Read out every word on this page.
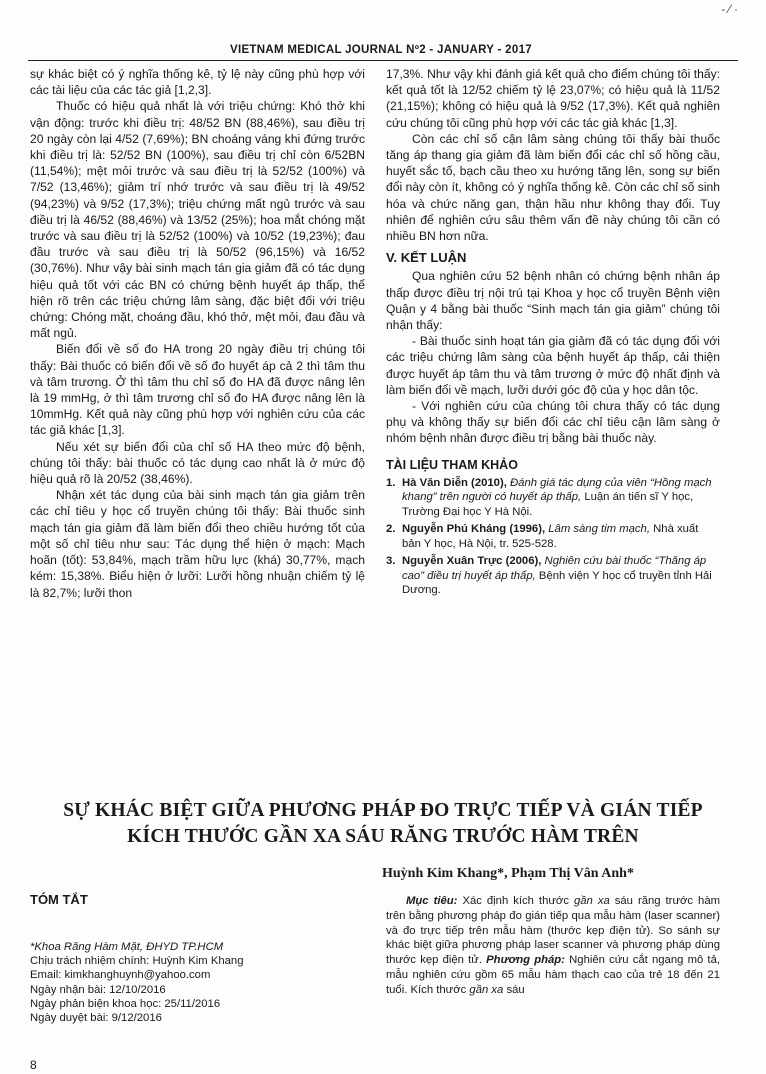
- ⁄ ·
VIETNAM MEDICAL JOURNAL Nº2 - JANUARY - 2017

sự khác biệt có ý nghĩa thống kê, tỷ lệ này cũng phù hợp với các tài liệu của các tác giả [1,2,3].

Thuốc có hiệu quả nhất là với triệu chứng: Khó thở khi vận động: trước khi điều trị: 48/52 BN (88,46%), sau điều trị 20 ngày còn lại 4/52 (7,69%); BN choáng váng khi đứng trước khi điều trị là: 52/52 BN (100%), sau điều trị chỉ còn 6/52BN (11,54%); mệt mỏi trước và sau điều trị là 52/52 (100%) và 7/52 (13,46%); giảm trí nhớ trước và sau điều trị là 49/52 (94,23%) và 9/52 (17,3%); triệu chứng mất ngủ trước và sau điều trị là 46/52 (88,46%) và 13/52 (25%); hoa mắt chóng mặt trước và sau điều trị là 52/52 (100%) và 10/52 (19,23%); đau đầu trước và sau điều trị là 50/52 (96,15%) và 16/52 (30,76%). Như vậy bài sinh mạch tán gia giảm đã có tác dụng hiệu quả tốt với các BN có chứng bệnh huyết áp thấp, thể hiện rõ trên các triệu chứng lâm sàng, đặc biệt đối với triệu chứng: Chóng mặt, choáng đầu, khó thở, mệt mỏi, đau đầu và mất ngủ.

Biến đổi về số đo HA trong 20 ngày điều trị chúng tôi thấy: Bài thuốc có biến đổi về số đo huyết áp cả 2 thì tâm thu và tâm trương. Ở thì tâm thu chỉ số đo HA đã được nâng lên là 19 mmHg, ở thì tâm trương chỉ số đo HA được nâng lên là 10mmHg. Kết quả này cũng phù hợp với nghiên cứu của các tác giả khác [1,3].

Nếu xét sự biến đổi của chỉ số HA theo mức độ bệnh, chúng tôi thấy: bài thuốc có tác dụng cao nhất là ở mức độ hiệu quả rõ là 20/52 (38,46%).

Nhận xét tác dụng của bài sinh mạch tán gia giảm trên các chỉ tiêu y học cổ truyền chúng tôi thấy: Bài thuốc sinh mạch tán gia giảm đã làm biến đổi theo chiều hướng tốt của một số chỉ tiêu như sau: Tác dụng thể hiện ở mạch: Mạch hoãn (tốt): 53,84%, mạch trầm hữu lực (khá) 30,77%, mạch kém: 15,38%. Biểu hiện ở lưỡi: Lưỡi hồng nhuận chiếm tỷ lệ là 82,7%; lưỡi thon

17,3%. Như vậy khi đánh giá kết quả cho điểm chúng tôi thấy: kết quả tốt là 12/52 chiếm tỷ lệ 23,07%; có hiệu quả là 11/52 (21,15%); không có hiệu quả là 9/52 (17,3%). Kết quả nghiên cứu chúng tôi cũng phù hợp với các tác giả khác [1,3].

Còn các chỉ số cận lâm sàng chúng tôi thấy bài thuốc tăng áp thang gia giảm đã làm biến đổi các chỉ số hồng cầu, huyết sắc tố, bạch cầu theo xu hướng tăng lên, song sự biến đổi này còn ít, không có ý nghĩa thống kê. Còn các chỉ số sinh hóa và chức năng gan, thận hầu như không thay đổi. Tuy nhiên để nghiên cứu sâu thêm vấn đề này chúng tôi cần có nhiều BN hơn nữa.

V. KẾT LUẬN

Qua nghiên cứu 52 bệnh nhân có chứng bệnh nhân áp thấp được điều trị nội trú tại Khoa y học cổ truyền Bệnh viện Quận y 4 bằng bài thuốc “Sinh mạch tán gia giảm” chúng tôi nhận thấy:

- Bài thuốc sinh hoạt tán gia giảm đã có tác dụng đối với các triệu chứng lâm sàng của bệnh huyết áp thấp, cải thiện được huyết áp tâm thu và tâm trương ở mức độ nhất định và làm biến đổi về mạch, lưỡi dưới góc độ của y học dân tộc.

- Với nghiên cứu của chúng tôi chưa thấy có tác dụng phụ và không thấy sự biến đổi các chỉ tiêu cận lâm sàng ở nhóm bệnh nhân được điều trị bằng bài thuốc này.

TÀI LIỆU THAM KHẢO

1. Hà Văn Diễn (2010), Đánh giá tác dụng của viên “Hồng mạch khang” trên người có huyết áp thấp, Luận án tiến sĩ Y học, Trường Đại học Y Hà Nội.

2. Nguyễn Phú Kháng (1996), Lâm sàng tim mạch, Nhà xuất bản Y học, Hà Nội, tr. 525-528.

3. Nguyễn Xuân Trực (2006), Nghiên cứu bài thuốc “Thăng áp cao” điều trị huyết áp thấp, Bệnh viện Y học cổ truyền tỉnh Hải Dương.

SỰ KHÁC BIỆT GIỮA PHƯƠNG PHÁP ĐO TRỰC TIẾP VÀ GIÁN TIẾP
KÍCH THƯỚC GẦN XA SÁU RĂNG TRƯỚC HÀM TRÊN
Huỳnh Kim Khang*, Phạm Thị Vân Anh*
TÓM TẮT

*Khoa Răng Hàm Mặt, ĐHYD TP.HCM

Chịu trách nhiệm chính: Huỳnh Kim Khang

Email: kimkhanghuynh@yahoo.com

Ngày nhận bài: 12/10/2016

Ngày phản biện khoa học: 25/11/2016

Ngày duyệt bài: 9/12/2016

Mục tiêu: Xác định kích thước gần xa sáu răng trước hàm trên bằng phương pháp đo gián tiếp qua mẫu hàm (laser scanner) và đo trực tiếp trên mẫu hàm (thước kẹp điện tử). So sánh sự khác biệt giữa phương pháp laser scanner và phương pháp dùng thước kẹp điện tử. Phương pháp: Nghiên cứu cắt ngang mô tả, mẫu nghiên cứu gồm 65 mẫu hàm thạch cao của trẻ 18 đến 21 tuổi. Kích thước gần xa sáu

8
